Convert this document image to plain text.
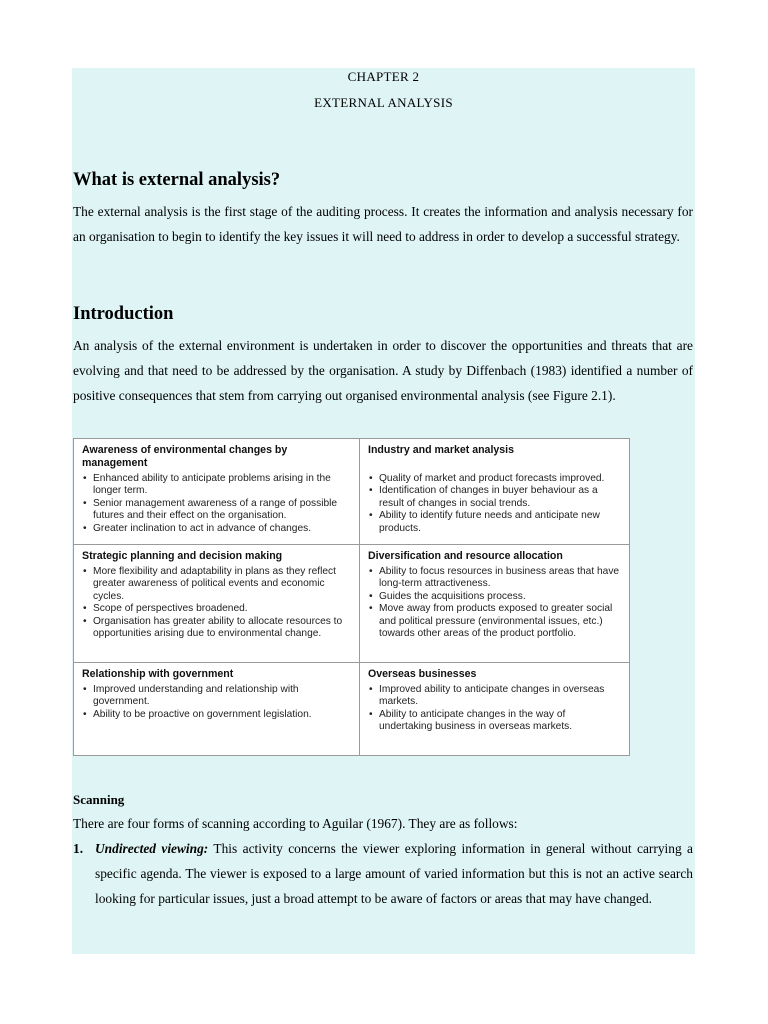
CHAPTER 2
EXTERNAL ANALYSIS
What is external analysis?

The external analysis is the first stage of the auditing process. It creates the information and analysis necessary for an organisation to begin to identify the key issues it will need to address in order to develop a successful strategy.

Introduction

An analysis of the external environment is undertaken in order to discover the opportunities and threats that are evolving and that need to be addressed by the organisation. A study by Diffenbach (1983) identified a number of positive consequences that stem from carrying out organised environmental analysis (see Figure 2.1).

Awareness of environmental changes by management
• Enhanced ability to anticipate problems arising in the longer term.
• Senior management awareness of a range of possible futures and their effect on the organisation.
• Greater inclination to act in advance of changes.
Industry and market analysis
• Quality of market and product forecasts improved.
• Identification of changes in buyer behaviour as a result of changes in social trends.
• Ability to identify future needs and anticipate new products.
Strategic planning and decision making
• More flexibility and adaptability in plans as they reflect greater awareness of political events and economic cycles.
• Scope of perspectives broadened.
• Organisation has greater ability to allocate resources to opportunities arising due to environmental change.
Diversification and resource allocation
• Ability to focus resources in business areas that have long-term attractiveness.
• Guides the acquisitions process.
• Move away from products exposed to greater social and political pressure (environmental issues, etc.) towards other areas of the product portfolio.
Relationship with government
• Improved understanding and relationship with government.
• Ability to be proactive on government legislation.
Overseas businesses
• Improved ability to anticipate changes in overseas markets.
• Ability to anticipate changes in the way of undertaking business in overseas markets.
Scanning

There are four forms of scanning according to Aguilar (1967). They are as follows:

1. Undirected viewing: This activity concerns the viewer exploring information in general without carrying a specific agenda. The viewer is exposed to a large amount of varied information but this is not an active search looking for particular issues, just a broad attempt to be aware of factors or areas that may have changed.
